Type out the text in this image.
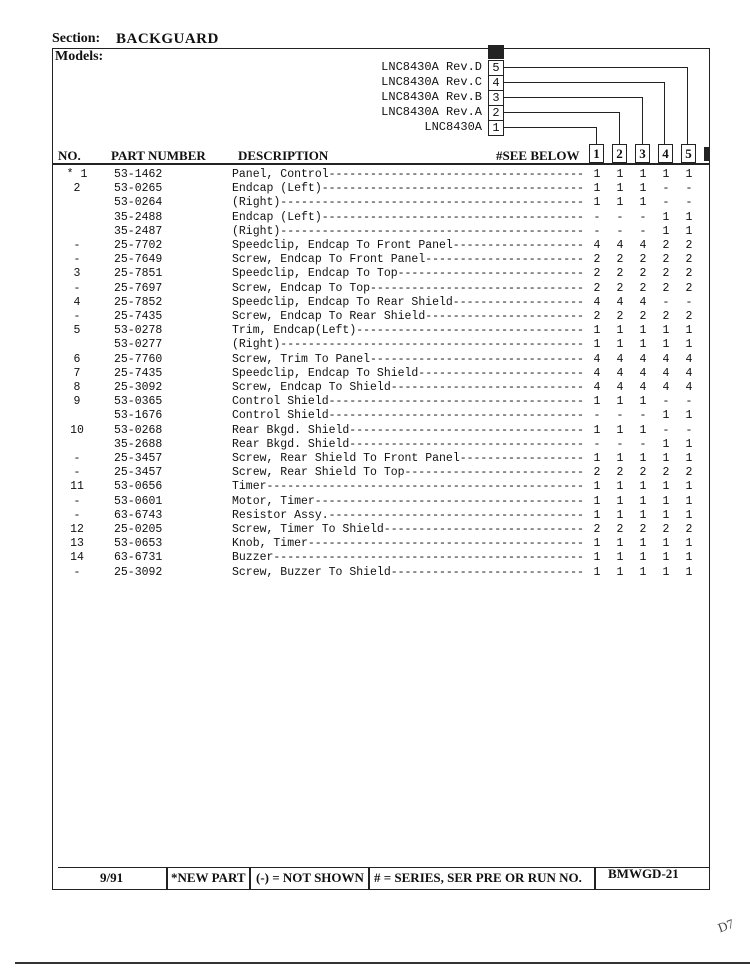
Section: BACKGUARD
Models:
LNC8430A Rev.D 5
LNC8430A Rev.C 4
LNC8430A Rev.B 3
LNC8430A Rev.A 2
LNC8430A 1
NO. PART NUMBER DESCRIPTION	#SEE BELOW	1	2	3	4	5
* 1	53-1462	Panel, Control ------------------------------------- 1	1	1	1	1
2	53-0265	Endcap (Left) -------------------------------------- 1	1	1	-	-
53-0264	(Right) -------------------------------------------- 1	1	1	-	-
35-2488	Endcap (Left) -------------------------------------- -	-	-	1	1
35-2487	(Right) -------------------------------------------- -	-	-	1	1
-	25-7702	Speedclip, Endcap To Front Panel ------------------- 4	4	4	2	2
-	25-7649	Screw, Endcap To Front Panel ----------------------- 2	2	2	2	2
3	25-7851	Speedclip, Endcap To Top --------------------------- 2	2	2	2	2
-	25-7697	Screw, Endcap To Top ------------------------------- 2	2	2	2	2
4	25-7852	Speedclip, Endcap To Rear Shield ------------------- 4	4	4	-	-
-	25-7435	Screw, Endcap To Rear Shield ----------------------- 2	2	2	2	2
5	53-0278	Trim, Endcap(Left) --------------------------------- 1	1	1	1	1
53-0277	(Right) -------------------------------------------- 1	1	1	1	1
6	25-7760	Screw, Trim To Panel ------------------------------- 4	4	4	4	4
7	25-7435	Speedclip, Endcap To Shield ------------------------ 4	4	4	4	4
8	25-3092	Screw, Endcap To Shield ---------------------------- 4	4	4	4	4
9	53-0365	Control Shield ------------------------------------- 1	1	1	-	-
53-1676	Control Shield ------------------------------------- -	-	-	1	1
10	53-0268	Rear Bkgd. Shield ---------------------------------- 1	1	1	-	-
35-2688	Rear Bkgd. Shield ---------------------------------- -	-	-	1	1
-	25-3457	Screw, Rear Shield To Front Panel ------------------ 1	1	1	1	1
-	25-3457	Screw, Rear Shield To Top -------------------------- 2	2	2	2	2
11	53-0656	Timer ---------------------------------------------- 1	1	1	1	1
-	53-0601	Motor, Timer --------------------------------------- 1	1	1	1	1
-	63-6743	Resistor Assy. ------------------------------------- 1	1	1	1	1
12	25-0205	Screw, Timer To Shield ----------------------------- 2	2	2	2	2
13	53-0653	Knob, Timer ---------------------------------------- 1	1	1	1	1
14	63-6731	Buzzer --------------------------------------------- 1	1	1	1	1
-	25-3092	Screw, Buzzer To Shield ---------------------------- 1	1	1	1	1
9/91	*NEW PART (-) = NOT SHOWN # = SERIES, SER PRE OR RUN NO. BMWGD-21
D7
